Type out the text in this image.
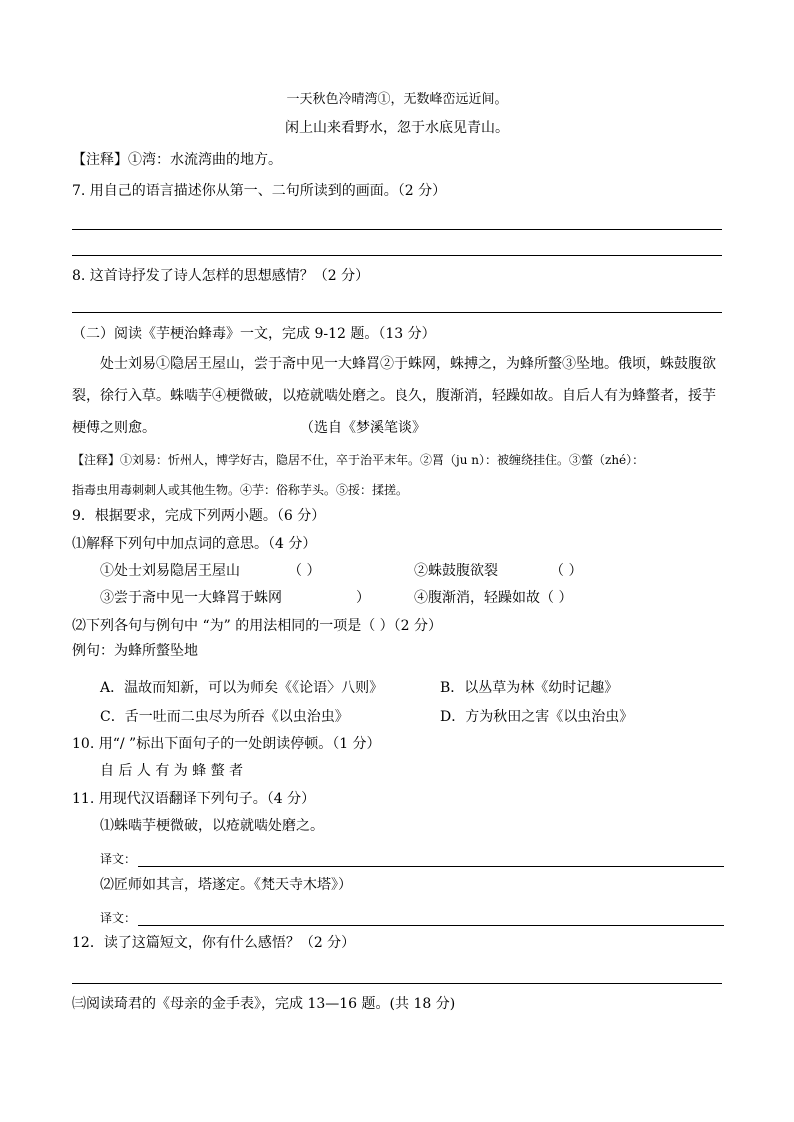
一天秋色冷晴湾①，无数峰峦远近间。
闲上山来看野水，忽于水底见青山。
【注释】①湾：水流湾曲的地方。
7. 用自己的语言描述你从第一、二句所读到的画面。（2 分）
8. 这首诗抒发了诗人怎样的思想感情？（2 分）
（二）阅读《芋梗治蜂毒》一文，完成 9-12 题。（13 分）
处士刘易①隐居王屋山，尝于斋中见一大蜂罥②于蛛网，蛛搏之，为蜂所螫③坠地。俄顷，蛛鼓腹欲
裂，徐行入草。蛛啮芋④梗微破，以疮就啮处磨之。良久，腹渐消，轻躁如故。自后人有为蜂螫者，挼芋
梗傅之则愈。	（选自《梦溪笔谈》
【注释】①刘易：忻州人，博学好古，隐居不仕，卒于治平末年。②罥（ju n）：被缠绕挂住。③螫（zhé）：
指毒虫用毒刺刺人或其他生物。④芋：俗称芋头。⑤挼：揉搓。
9．根据要求，完成下列两小题。（6 分）
⑴解释下列句中加点词的意思。（4 分）
①处士刘易隐居王屋山	（ ）	②蛛鼓腹欲裂	（ ）
③尝于斋中见一大蜂罥于蛛网	）	④腹渐消，轻躁如故 （ ）
⑵下列各句与例句中 “为” 的用法相同的一项是（ ）（2 分）
例句：为蜂所螫坠地
A．温故而知新，可以为师矣《《论语〉八则》	B．以丛草为林《幼时记趣》
C．舌一吐而二虫尽为所吞《以虫治虫》	D．方为秋田之害《以虫治虫》
10. 用“/ ”标出下面句子的一处朗读停顿。（1 分）
自 后 人 有 为 蜂 螫 者
11. 用现代汉语翻译下列句子。（4 分）
⑴蛛啮芋梗微破，以疮就啮处磨之。
译文：
⑵匠师如其言，塔遂定。《梵天寺木塔》）
译文：
12．读了这篇短文，你有什么感悟？（2 分）
㈢阅读琦君的《母亲的金手表》，完成 13—16 题。(共 18 分)
